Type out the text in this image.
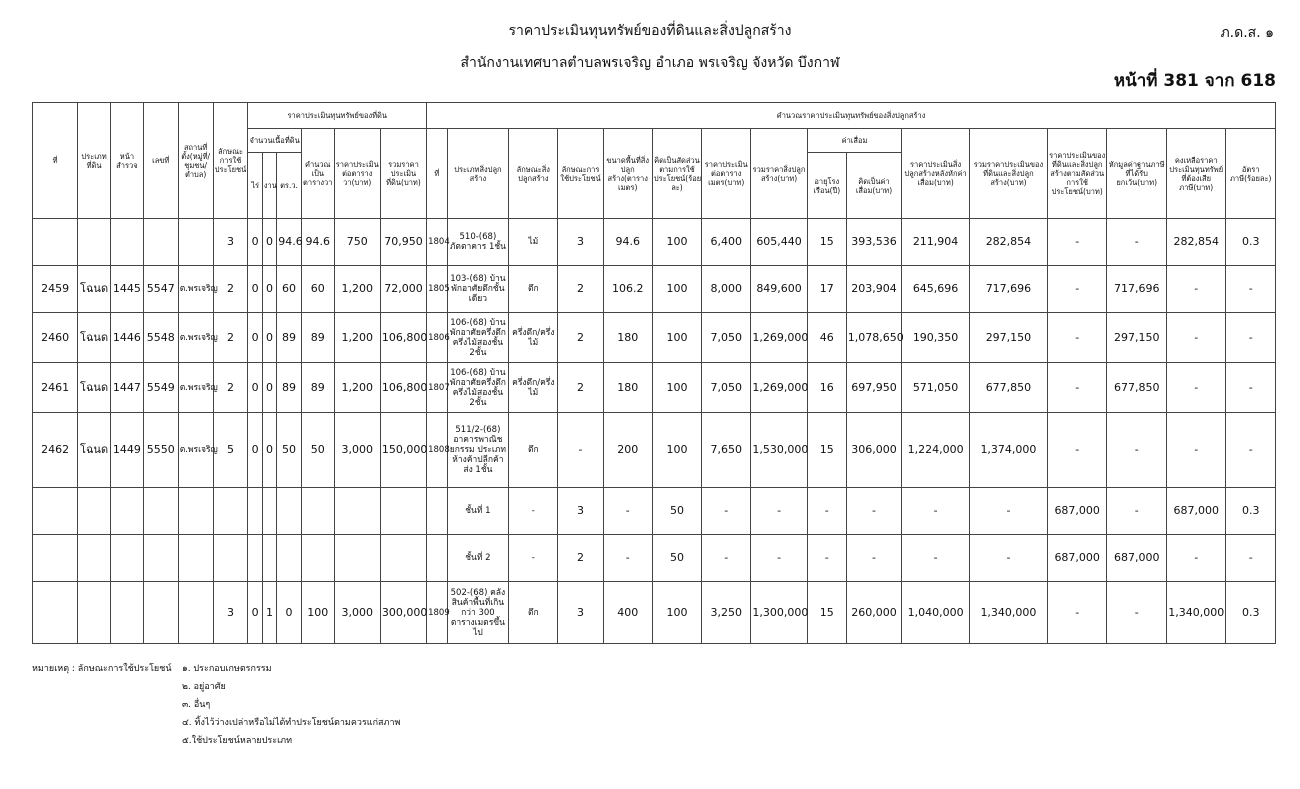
ราคาประเมินทุนทรัพย์ของที่ดินและสิ่งปลูกสร้าง
สำนักงานเทศบาลตำบลพรเจริญ อำเภอ พรเจริญ จังหวัด บึงกาฬ
ภ.ด.ส. ๑
หน้าที่ 381 จาก 618
ที่	ประเภทที่ดิน	หน้าสำรวจ	เลขที่	สถานที่ตั้ง(หมู่ที่/ชุมชน/ตำบล)	ลักษณะการใช้ประโยชน์	ราคาประเมินทุนทรัพย์ของที่ดิน						คำนวณราคาประเมินทุนทรัพย์ของสิ่งปลูกสร้าง															
						จำนวนเนื้อที่ดิน			คำนวณเป็นตารางวา	ราคาประเมินต่อตารางวา(บาท)	รวมราคาประเมินที่ดิน(บาท)	ที่	ประเภทสิ่งปลูกสร้าง	ลักษณะสิ่งปลูกสร้าง	ลักษณะการใช้ประโยชน์	ขนาดพื้นที่สิ่งปลูกสร้าง(ตารางเมตร)	คิดเป็นสัดส่วนตามการใช้ประโยชน์(ร้อยละ)	ราคาประเมินต่อตารางเมตร(บาท)	รวมราคาสิ่งปลูกสร้าง(บาท)	ค่าเสื่อม		ราคาประเมินสิ่งปลูกสร้างหลังหักค่าเสื่อม(บาท)	รวมราคาประเมินของที่ดินและสิ่งปลูกสร้าง(บาท)	ราคาประเมินของที่ดินและสิ่งปลูกสร้างตามสัดส่วนการใช้ประโยชน์(บาท)	หักมูลค่าฐานภาษีที่ได้รับยกเว้น(บาท)	คงเหลือราคาประเมินทุนทรัพย์ที่ต้องเสียภาษี(บาท)	อัตราภาษี(ร้อยละ)
						ไร่	งาน	ตร.ว.												อายุโรงเรือน(ปี)	คิดเป็นค่าเสื่อม(บาท)						
					3	0	0	94.6	94.6	750	70,950	1804	510-(68) ภัตตาคาร 1ชั้น	ไม้	3	94.6	100	6,400	605,440	15	393,536	211,904	282,854	-	-	282,854	0.3
2459	โฉนด	1445	5547	ต.พรเจริญ	2	0	0	60	60	1,200	72,000	1805	103-(68) บ้านพักอาศัยตึกชั้นเดียว	ตึก	2	106.2	100	8,000	849,600	17	203,904	645,696	717,696	-	717,696	-	-
2460	โฉนด	1446	5548	ต.พรเจริญ	2	0	0	89	89	1,200	106,800	1806	106-(68) บ้านพักอาศัยครึ่งตึกครึ่งไม้สองชั้น 2ชั้น	ครึ่งตึก/ครึ่งไม้	2	180	100	7,050	1,269,000	46	1,078,650	190,350	297,150	-	297,150	-	-
2461	โฉนด	1447	5549	ต.พรเจริญ	2	0	0	89	89	1,200	106,800	1807	106-(68) บ้านพักอาศัยครึ่งตึกครึ่งไม้สองชั้น 2ชั้น	ครึ่งตึก/ครึ่งไม้	2	180	100	7,050	1,269,000	16	697,950	571,050	677,850	-	677,850	-	-
2462	โฉนด	1449	5550	ต.พรเจริญ	5	0	0	50	50	3,000	150,000	1808	511/2-(68) อาคารพาณิชยกรรม ประเภทห้างค้าปลีกค้าส่ง 1ชั้น	ตึก	-	200	100	7,650	1,530,000	15	306,000	1,224,000	1,374,000	-	-	-	-
													ชั้นที่ 1	-	3	-	50	-	-	-	-	-	-	687,000	-	687,000	0.3
													ชั้นที่ 2	-	2	-	50	-	-	-	-	-	-	687,000	687,000	-	-
					3	0	1	0	100	3,000	300,000	1809	502-(68) คลังสินค้าพื้นที่เกินกว่า 300 ตารางเมตรขึ้นไป	ตึก	3	400	100	3,250	1,300,000	15	260,000	1,040,000	1,340,000	-	-	1,340,000	0.3
หมายเหตุ : ลักษณะการใช้ประโยชน์ ๑. ประกอบเกษตรกรรม
๒. อยู่อาศัย
๓. อื่นๆ
๔. ทิ้งไว้ว่างเปล่าหรือไม่ได้ทำประโยชน์ตามควรแก่สภาพ
๕.ใช้ประโยชน์หลายประเภท
